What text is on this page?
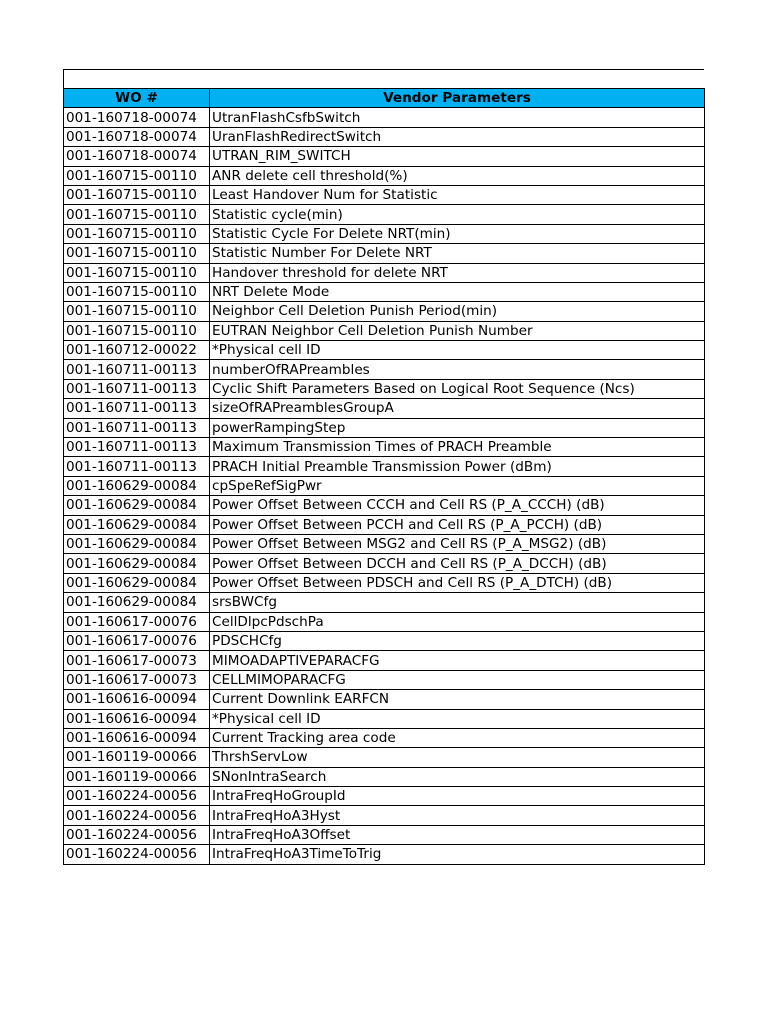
WO #	Vendor Parameters
001-160718-00074	UtranFlashCsfbSwitch
001-160718-00074	UranFlashRedirectSwitch
001-160718-00074	UTRAN_RIM_SWITCH
001-160715-00110	ANR delete cell threshold(%)
001-160715-00110	Least Handover Num for Statistic
001-160715-00110	Statistic cycle(min)
001-160715-00110	Statistic Cycle For Delete NRT(min)
001-160715-00110	Statistic Number For Delete NRT
001-160715-00110	Handover threshold for delete NRT
001-160715-00110	NRT Delete Mode
001-160715-00110	Neighbor Cell Deletion Punish Period(min)
001-160715-00110	EUTRAN Neighbor Cell Deletion Punish Number
001-160712-00022	*Physical cell ID
001-160711-00113	numberOfRAPreambles
001-160711-00113	Cyclic Shift Parameters Based on Logical Root Sequence (Ncs)
001-160711-00113	sizeOfRAPreamblesGroupA
001-160711-00113	powerRampingStep
001-160711-00113	Maximum Transmission Times of PRACH Preamble
001-160711-00113	PRACH Initial Preamble Transmission Power (dBm)
001-160629-00084	cpSpeRefSigPwr
001-160629-00084	Power Offset Between CCCH and Cell RS (P_A_CCCH) (dB)
001-160629-00084	Power Offset Between PCCH and Cell RS (P_A_PCCH) (dB)
001-160629-00084	Power Offset Between MSG2 and Cell RS (P_A_MSG2) (dB)
001-160629-00084	Power Offset Between DCCH and Cell RS (P_A_DCCH) (dB)
001-160629-00084	Power Offset Between PDSCH and Cell RS (P_A_DTCH) (dB)
001-160629-00084	srsBWCfg
001-160617-00076	CellDlpcPdschPa
001-160617-00076	PDSCHCfg
001-160617-00073	MIMOADAPTIVEPARACFG
001-160617-00073	CELLMIMOPARACFG
001-160616-00094	Current Downlink EARFCN
001-160616-00094	*Physical cell ID
001-160616-00094	Current Tracking area code
001-160119-00066	ThrshServLow
001-160119-00066	SNonIntraSearch
001-160224-00056	IntraFreqHoGroupId
001-160224-00056	IntraFreqHoA3Hyst
001-160224-00056	IntraFreqHoA3Offset
001-160224-00056	IntraFreqHoA3TimeToTrig
